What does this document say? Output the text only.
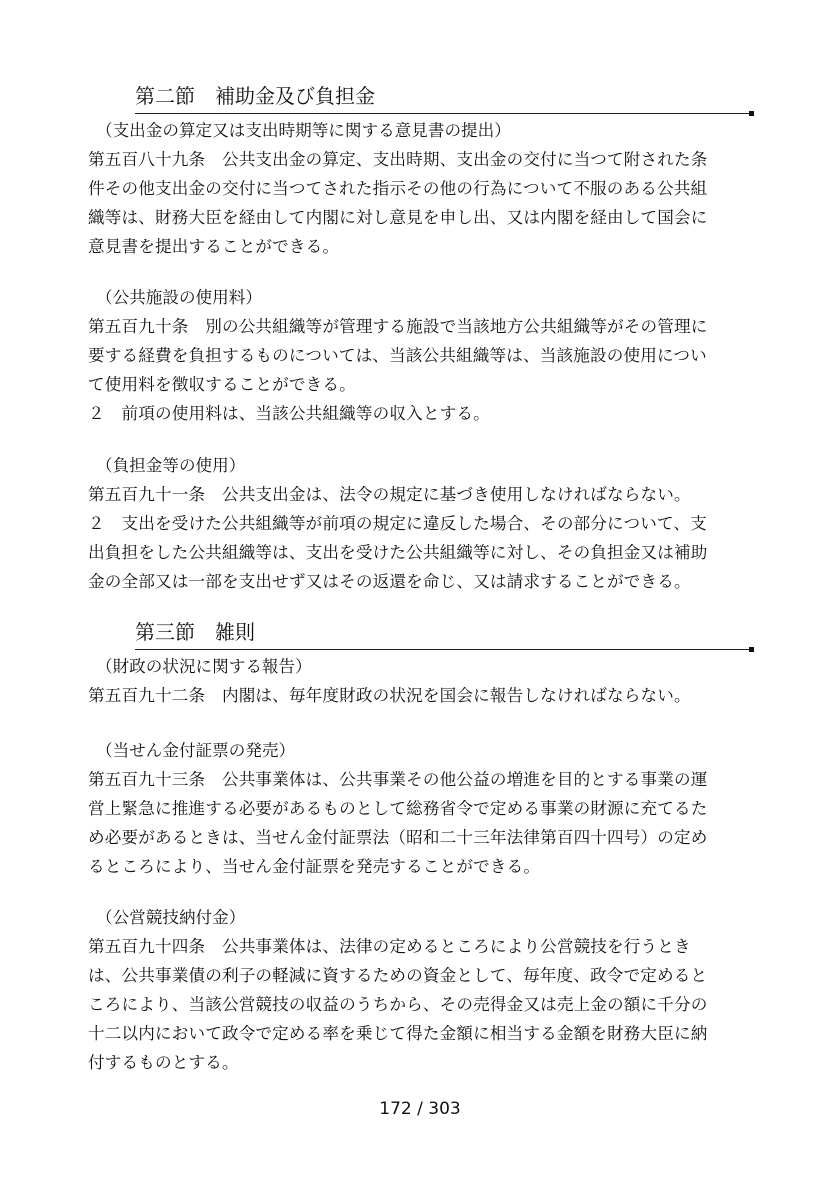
第二節　補助金及び負担金
（支出金の算定又は支出時期等に関する意見書の提出）

第五百八十九条　公共支出金の算定、支出時期、支出金の交付に当つて附された条
件その他支出金の交付に当つてされた指示その他の行為について不服のある公共組
織等は、財務大臣を経由して内閣に対し意見を申し出、又は内閣を経由して国会に
意見書を提出することができる。

（公共施設の使用料）

第五百九十条　別の公共組織等が管理する施設で当該地方公共組織等がその管理に
要する経費を負担するものについては、当該公共組織等は、当該施設の使用につい
て使用料を徴収することができる。
２　前項の使用料は、当該公共組織等の収入とする。

（負担金等の使用）

第五百九十一条　公共支出金は、法令の規定に基づき使用しなければならない。
２　支出を受けた公共組織等が前項の規定に違反した場合、その部分について、支
出負担をした公共組織等は、支出を受けた公共組織等に対し、その負担金又は補助
金の全部又は一部を支出せず又はその返還を命じ、又は請求することができる。

第三節　雑則
（財政の状況に関する報告）

第五百九十二条　内閣は、毎年度財政の状況を国会に報告しなければならない。

（当せん金付証票の発売）

第五百九十三条　公共事業体は、公共事業その他公益の増進を目的とする事業の運
営上緊急に推進する必要があるものとして総務省令で定める事業の財源に充てるた
め必要があるときは、当せん金付証票法（昭和二十三年法律第百四十四号）の定め
るところにより、当せん金付証票を発売することができる。

（公営競技納付金）

第五百九十四条　公共事業体は、法律の定めるところにより公営競技を行うとき
は、公共事業債の利子の軽減に資するための資金として、毎年度、政令で定めると
ころにより、当該公営競技の収益のうちから、その売得金又は売上金の額に千分の
十二以内において政令で定める率を乗じて得た金額に相当する金額を財務大臣に納
付するものとする。

172 / 303
